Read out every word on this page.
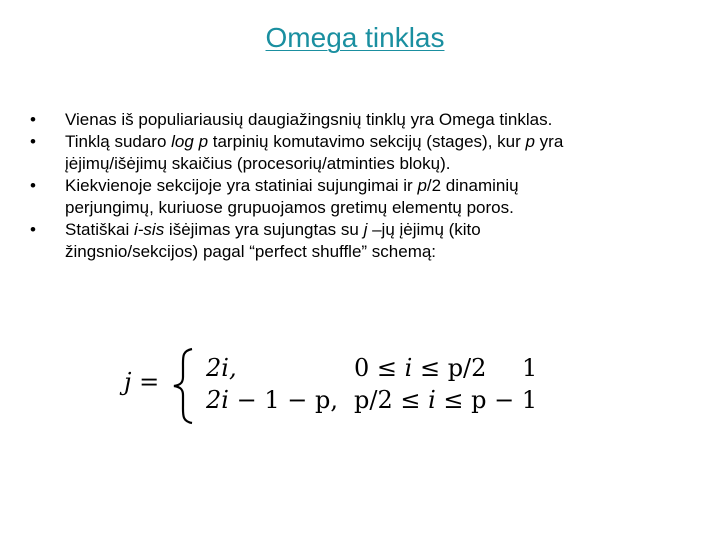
Omega tinklas
•	Vienas iš populiariausių daugiažingsnių tinklų yra Omega tinklas.
•	Tinklą sudaro log p tarpinių komutavimo sekcijų (stages), kur p yra įėjimų/išėjimų skaičius (procesorių/atminties blokų).
•	Kiekvienoje sekcijoje yra statiniai sujungimai ir p/2 dinaminių perjungimų, kuriuose grupuojamos gretimų elementų poros.
•	Statiškai i-sis išėjimas yra sujungtas su j –jų įėjimų (kito žingsnio/sekcijos) pagal “perfect shuffle” schemą:
j = 2i,	0 ≤ i ≤ p/2 1
2i − 1 − p, p/2 ≤ i ≤ p − 1
